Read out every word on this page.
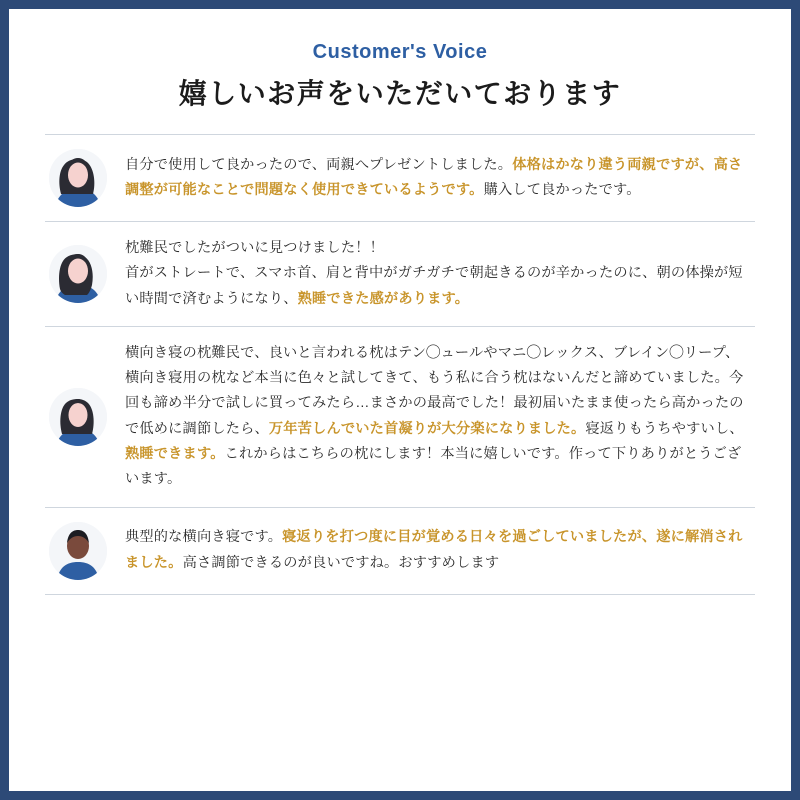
Customer's Voice
嬉しいお声をいただいております
自分で使用して良かったので、両親へプレゼントしました。体格はかなり違う両親ですが、高さ調整が可能なことで問題なく使用できているようです。購入して良かったです。
枕難民でしたがついに見つけました！！
首がストレートで、スマホ首、肩と背中がガチガチで朝起きるのが辛かったのに、朝の体操が短い時間で済むようになり、熟睡できた感があります。
横向き寝の枕難民で、良いと言われる枕はテン◯ュールやマニ◯レックス、ブレイン◯リープ、横向き寝用の枕など本当に色々と試してきて、もう私に合う枕はないんだと諦めていました。今回も諦め半分で試しに買ってみたら…まさかの最高でした！最初届いたまま使ったら高かったので低めに調節したら、万年苦しんでいた首凝りが大分楽になりました。寝返りもうちやすいし、熟睡できます。これからはこちらの枕にします！本当に嬉しいです。作って下りありがとうございます。
典型的な横向き寝です。寝返りを打つ度に目が覚める日々を過ごしていましたが、遂に解消されました。高さ調節できるのが良いですね。おすすめします
